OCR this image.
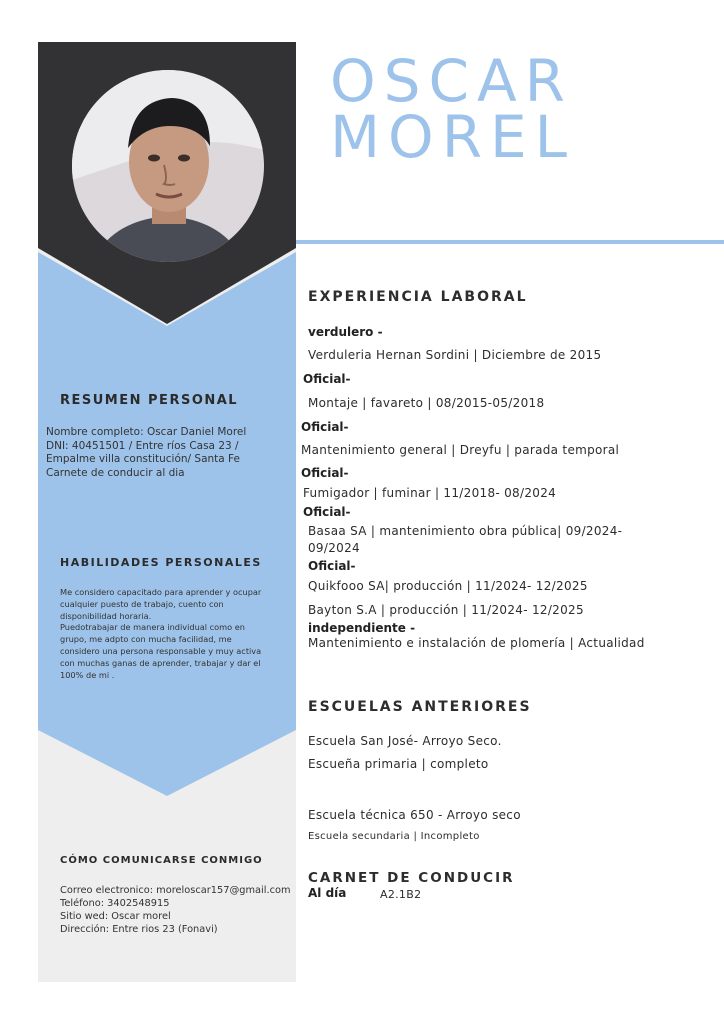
OSCAR
MOREL
RESUMEN PERSONAL
Nombre completo: Oscar Daniel Morel
DNI: 40451501 / Entre ríos Casa 23 /
Empalme villa constitución/ Santa Fe
Carnete de conducir al dia
HABILIDADES PERSONALES
Me considero capacitado para aprender y ocupar
cualquier puesto de trabajo, cuento con
disponibilidad horaria.
Puedotrabajar de manera individual como en
grupo, me adpto con mucha facilidad, me
considero una persona responsable y muy activa
con muchas ganas de aprender, trabajar y dar el
100% de mi .
CÓMO COMUNICARSE CONMIGO
Correo electronico: moreloscar157@gmail.com
Teléfono: 3402548915
Sitio wed: Oscar morel
Dirección: Entre rios 23 (Fonavi)
EXPERIENCIA LABORAL
verdulero -
Verduleria Hernan Sordini | Diciembre de 2015
Oficial-
Montaje | favareto | 08/2015-05/2018
Oficial-
Mantenimiento general | Dreyfu | parada temporal
Oficial-
Fumigador | fuminar | 11/2018- 08/2024
Oficial-
Basaa SA | mantenimiento obra pública| 09/2024-
09/2024
Oficial-
Quikfooo SA| producción | 11/2024- 12/2025
Bayton S.A | producción | 11/2024- 12/2025
independiente -
Mantenimiento e instalación de plomería | Actualidad
ESCUELAS ANTERIORES
Escuela San José- Arroyo Seco.
Escueña primaria | completo
Escuela técnica 650 - Arroyo seco
Escuela secundaria | Incompleto
CARNET DE CONDUCIR
Al día	A2.1B2
